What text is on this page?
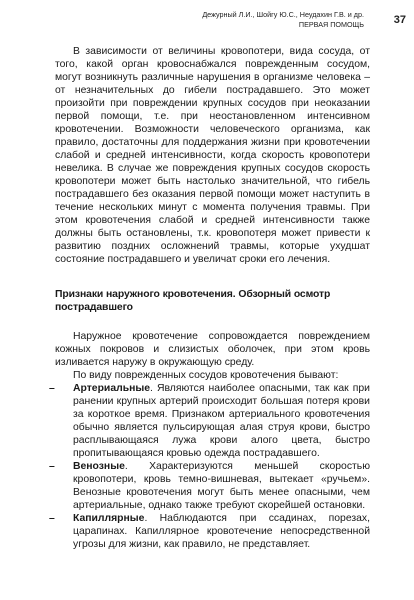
Дежурный Л.И., Шойгу Ю.С., Неудахин Г.В. и др.
ПЕРВАЯ ПОМОЩЬ	37

В зависимости от величины кровопотери, вида сосуда, от того, какой орган кровоснабжался поврежденным сосудом, могут возникнуть различные нарушения в организме человека – от незначительных до гибели пострадавшего. Это может произойти при повреждении крупных сосудов при неоказании первой помощи, т.е. при неостановленном интенсивном кровотечении. Возможности человеческого организма, как правило, достаточны для поддержания жизни при кровотечении слабой и средней интенсивности, когда скорость кровопотери невелика. В случае же повреждения крупных сосудов скорость кровопотери может быть настолько значительной, что гибель пострадавшего без оказания первой помощи может наступить в течение нескольких минут с момента получения травмы. При этом кровотечения слабой и средней интенсивности также должны быть остановлены, т.к. кровопотеря может привести к развитию поздних осложнений травмы, которые ухудшат состояние пострадавшего и увеличат сроки его лечения.

Признаки наружного кровотечения. Обзорный осмотр пострадавшего

Наружное кровотечение сопровождается повреждением кожных покровов и слизистых оболочек, при этом кровь изливается наружу в окружающую среду.

По виду поврежденных сосудов кровотечения бывают:

– Артериальные. Являются наиболее опасными, так как при ранении крупных артерий происходит большая потеря крови за короткое время. Признаком артериального кровотечения обычно является пульсирующая алая струя крови, быстро расплывающаяся лужа крови алого цвета, быстро пропитывающаяся кровью одежда пострадавшего.
– Венозные. Характеризуются меньшей скоростью кровопотери, кровь темно-вишневая, вытекает «ручьем». Венозные кровотечения могут быть менее опасными, чем артериальные, однако также требуют скорейшей остановки.
– Капиллярные. Наблюдаются при ссадинах, порезах, царапинах. Капиллярное кровотечение непосредственной угрозы для жизни, как правило, не представляет.
